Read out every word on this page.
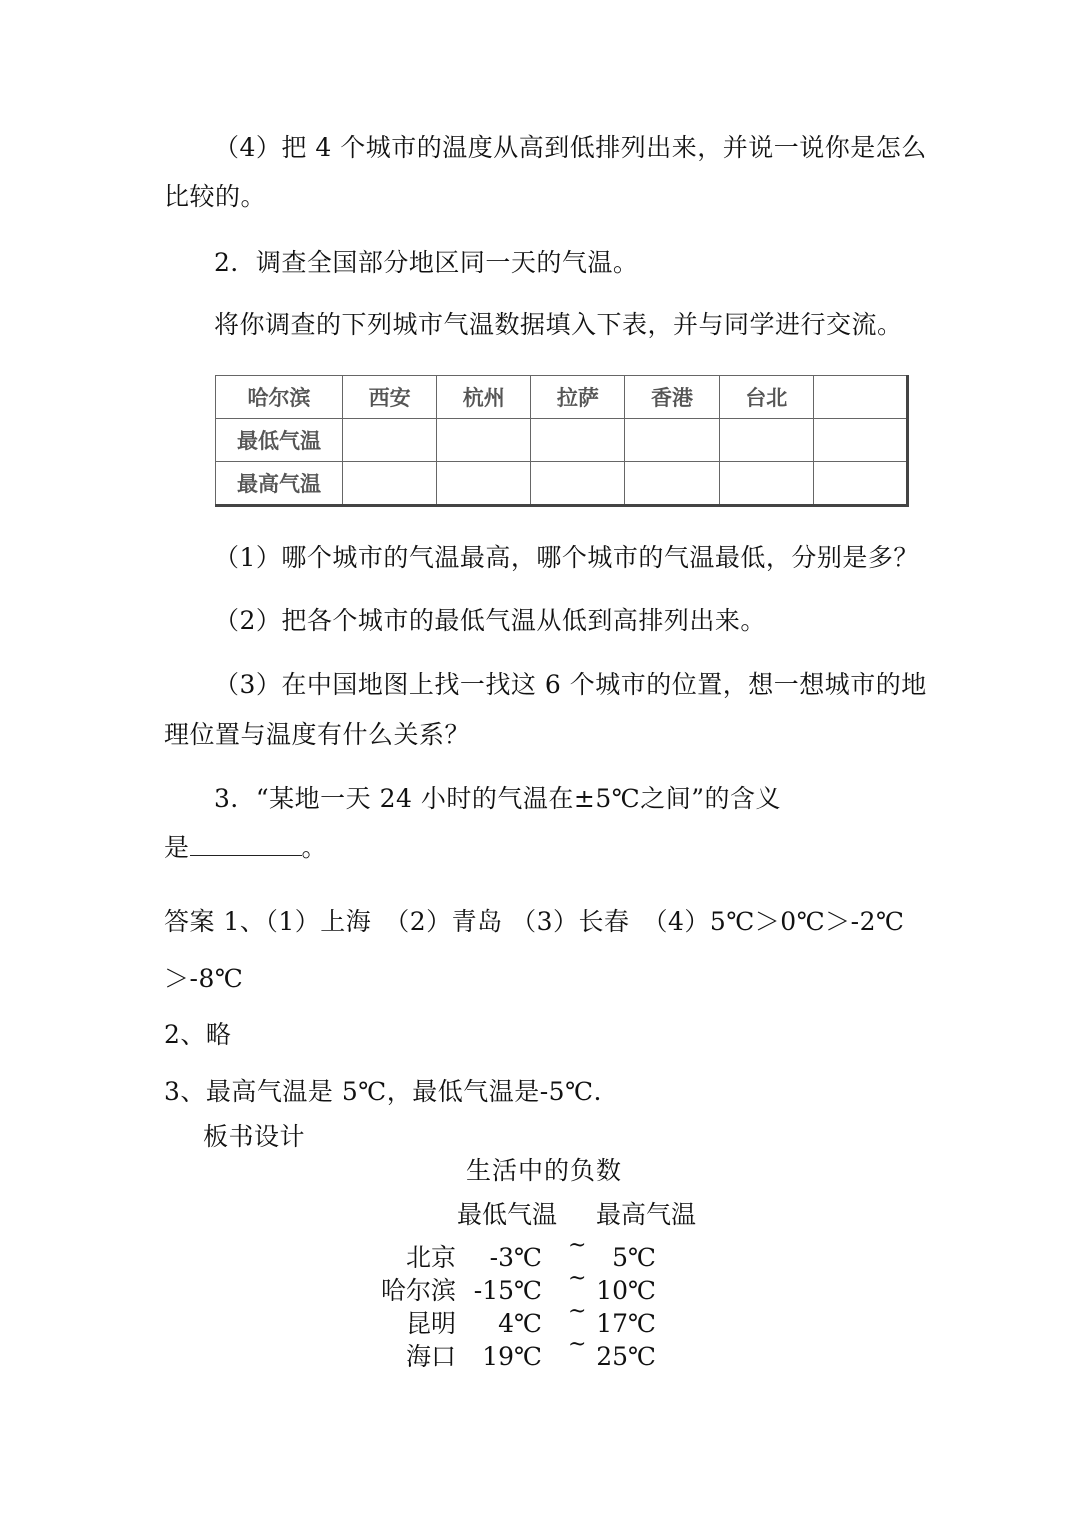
（4）把 4 个城市的温度从高到低排列出来，并说一说你是怎么
比较的。
2．调查全国部分地区同一天的气温。
将你调查的下列城市气温数据填入下表，并与同学进行交流。
哈尔滨	西安	杭州	拉萨	香港	台北	
最低气温						
最高气温						
（1）哪个城市的气温最高，哪个城市的气温最低，分别是多？
（2）把各个城市的最低气温从低到高排列出来。
（3）在中国地图上找一找这 6 个城市的位置，想一想城市的地
理位置与温度有什么关系？
3．“某地一天 24 小时的气温在±5℃之间”的含义
是	。
答案 1、（1）上海　（2）青岛 （3）长春　（4）5℃＞0℃＞-2℃
＞-8℃
2、略
3、最高气温是 5℃，最低气温是-5℃.
板书设计
生活中的负数
最低气温 最高气温
北京	-3℃ ~	5℃
哈尔滨 -15℃ ~ 10℃
昆明	4℃ ~ 17℃
海口	19℃ ~ 25℃
